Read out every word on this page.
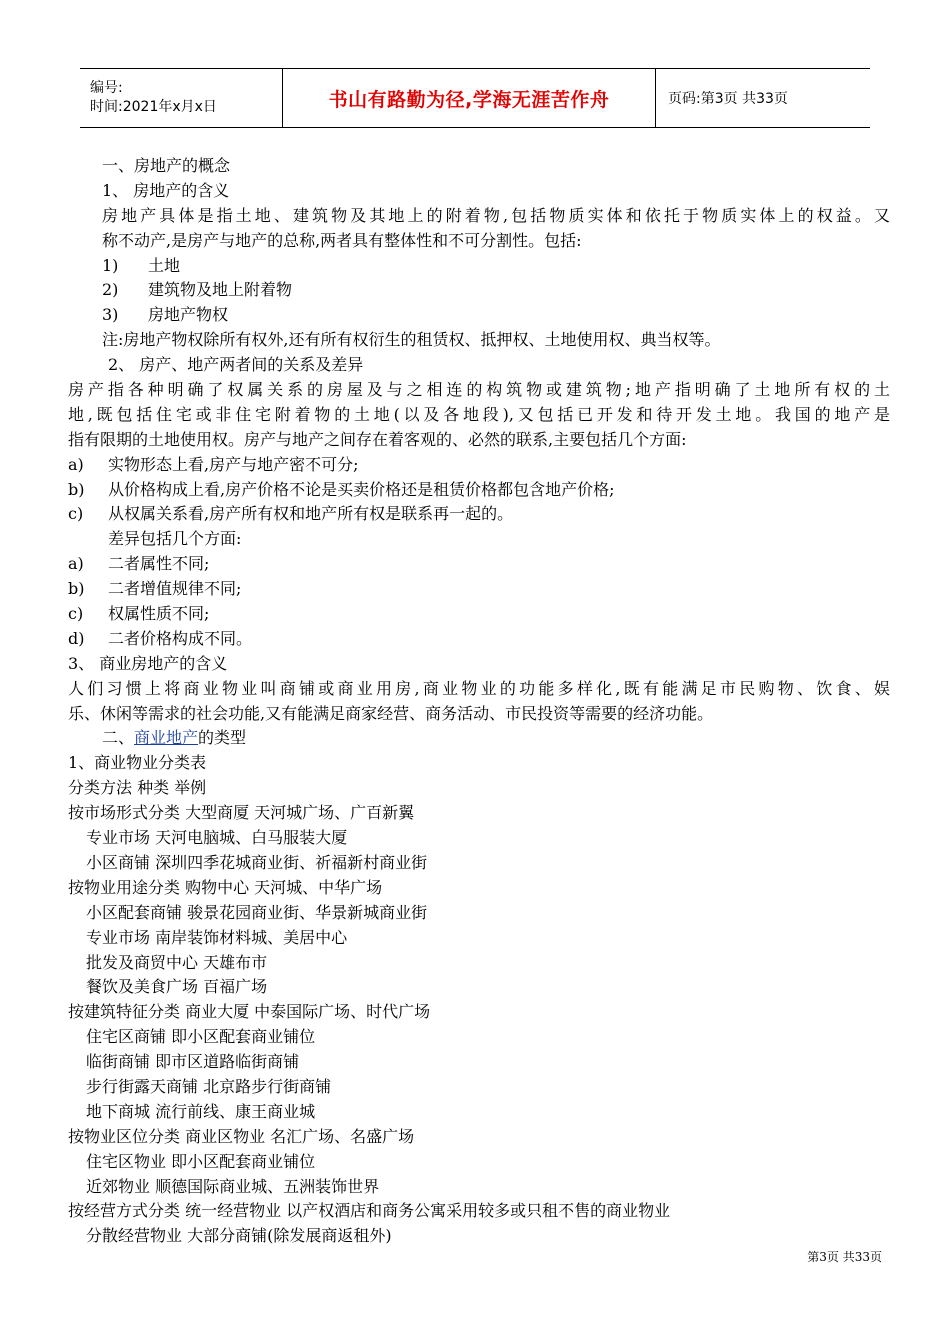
编号:
时间:2021年x月x日	书山有路勤为径,学海无涯苦作舟	页码:第3页 共33页
一、房地产的概念
1、 房地产的含义
房地产具体是指土地、建筑物及其地上的附着物,包括物质实体和依托于物质实体上的权益。又
称不动产,是房产与地产的总称,两者具有整体性和不可分割性。包括:
1) 土地
2) 建筑物及地上附着物
3) 房地产物权
注:房地产物权除所有权外,还有所有权衍生的租赁权、抵押权、土地使用权、典当权等。
2、 房产、地产两者间的关系及差异
房产指各种明确了权属关系的房屋及与之相连的构筑物或建筑物;地产指明确了土地所有权的土
地,既包括住宅或非住宅附着物的土地(以及各地段),又包括已开发和待开发土地。我国的地产是
指有限期的土地使用权。房产与地产之间存在着客观的、必然的联系,主要包括几个方面:
a) 实物形态上看,房产与地产密不可分;
b) 从价格构成上看,房产价格不论是买卖价格还是租赁价格都包含地产价格;
c) 从权属关系看,房产所有权和地产所有权是联系再一起的。
差异包括几个方面:
a) 二者属性不同;
b) 二者增值规律不同;
c) 权属性质不同;
d) 二者价格构成不同。
3、 商业房地产的含义
人们习惯上将商业物业叫商铺或商业用房,商业物业的功能多样化,既有能满足市民购物、饮食、娱
乐、休闲等需求的社会功能,又有能满足商家经营、商务活动、市民投资等需要的经济功能。
二、商业地产的类型
1、商业物业分类表
分类方法 种类 举例
按市场形式分类 大型商厦 天河城广场、广百新翼
专业市场 天河电脑城、白马服装大厦
小区商铺 深圳四季花城商业街、祈福新村商业街
按物业用途分类 购物中心 天河城、中华广场
小区配套商铺 骏景花园商业街、华景新城商业街
专业市场 南岸装饰材料城、美居中心
批发及商贸中心 天雄布市
餐饮及美食广场 百福广场
按建筑特征分类 商业大厦 中泰国际广场、时代广场
住宅区商铺 即小区配套商业铺位
临街商铺 即市区道路临街商铺
步行街露天商铺 北京路步行街商铺
地下商城 流行前线、康王商业城
按物业区位分类 商业区物业 名汇广场、名盛广场
住宅区物业 即小区配套商业铺位
近郊物业 顺德国际商业城、五洲装饰世界
按经营方式分类 统一经营物业 以产权酒店和商务公寓采用较多或只租不售的商业物业
分散经营物业 大部分商铺(除发展商返租外)
第3页 共33页
